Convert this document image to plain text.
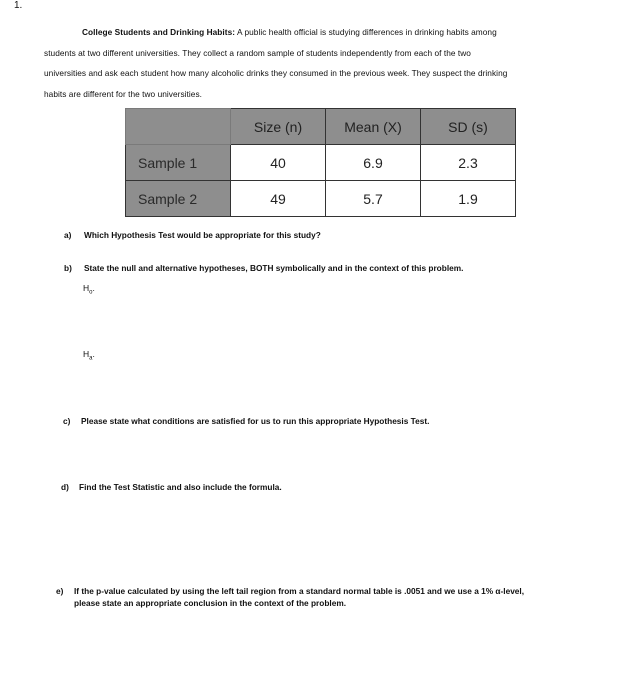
1.
College Students and Drinking Habits: A public health official is studying differences in drinking habits among
students at two different universities. They collect a random sample of students independently from each of the two
universities and ask each student how many alcoholic drinks they consumed in the previous week. They suspect the drinking
habits are different for the two universities.
	Size (n)	Mean (X)	SD (s)
Sample 1	40	6.9	2.3
Sample 2	49	5.7	1.9
a) Which Hypothesis Test would be appropriate for this study?
b) State the null and alternative hypotheses, BOTH symbolically and in the context of this problem.
$H_o$.
$H_a$.
c) Please state what conditions are satisfied for us to run this appropriate Hypothesis Test.
d) Find the Test Statistic and also include the formula.
e) If the p-value calculated by using the left tail region from a standard normal table is .0051 and we use a 1% α-level,
please state an appropriate conclusion in the context of the problem.
